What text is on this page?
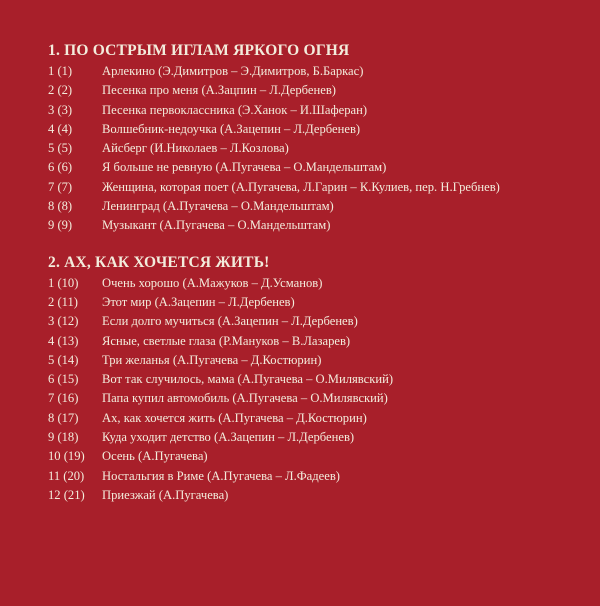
1. ПО ОСТРЫМ ИГЛАМ ЯРКОГО ОГНЯ
1 (1) Арлекино (Э.Димитров – Э.Димитров, Б.Баркас)
2 (2) Песенка про меня (А.Зацпин – Л.Дербенев)
3 (3) Песенка первоклассника (Э.Ханок – И.Шаферан)
4 (4) Волшебник-недоучка (А.Зацепин – Л.Дербенев)
5 (5) Айсберг (И.Николаев – Л.Козлова)
6 (6) Я больше не ревную (А.Пугачева – О.Мандельштам)
7 (7) Женщина, которая поет (А.Пугачева, Л.Гарин – К.Кулиев, пер. Н.Гребнев)
8 (8) Ленинград (А.Пугачева – О.Мандельштам)
9 (9) Музыкант (А.Пугачева – О.Мандельштам)
2. АХ, КАК ХОЧЕТСЯ ЖИТЬ!
1 (10) Очень хорошо (А.Мажуков – Д.Усманов)
2 (11) Этот мир (А.Зацепин – Л.Дербенев)
3 (12) Если долго мучиться (А.Зацепин – Л.Дербенев)
4 (13) Ясные, светлые глаза (Р.Мануков – В.Лазарев)
5 (14) Три желанья (А.Пугачева – Д.Костюрин)
6 (15) Вот так случилось, мама (А.Пугачева – О.Милявский)
7 (16) Папа купил автомобиль (А.Пугачева – О.Милявский)
8 (17) Ах, как хочется жить (А.Пугачева – Д.Костюрин)
9 (18) Куда уходит детство (А.Зацепин – Л.Дербенев)
10 (19) Осень (А.Пугачева)
11 (20) Ностальгия в Риме (А.Пугачева – Л.Фадеев)
12 (21) Приезжай (А.Пугачева)
